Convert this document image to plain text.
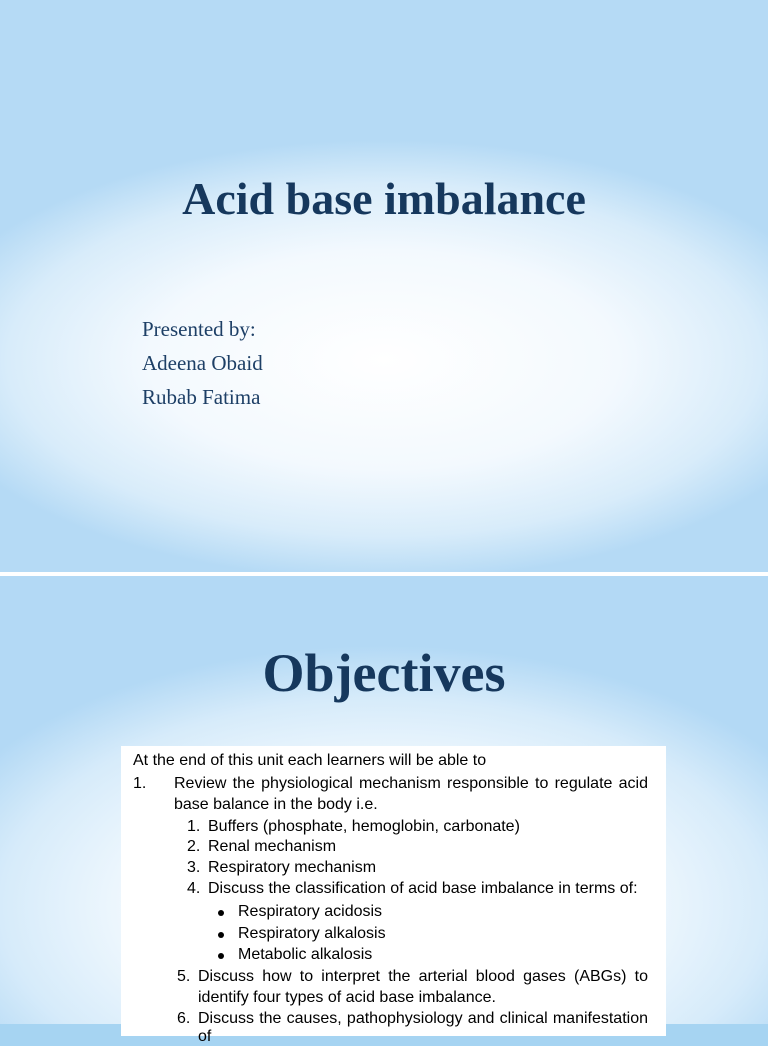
Acid base imbalance
Presented by:
Adeena Obaid
Rubab Fatima
Objectives
At the end of this unit each learners will be able to
1. Review the physiological mechanism responsible to regulate acid
base balance in the body i.e.
1. Buffers (phosphate, hemoglobin, carbonate)
2. Renal mechanism
3. Respiratory mechanism
4. Discuss the classification of acid base imbalance in terms of:
Respiratory acidosis
Respiratory alkalosis
Metabolic alkalosis
5. Discuss how to interpret the arterial blood gases (ABGs) to
identify four types of acid base imbalance.
6. Discuss the causes, pathophysiology and clinical manifestation of
